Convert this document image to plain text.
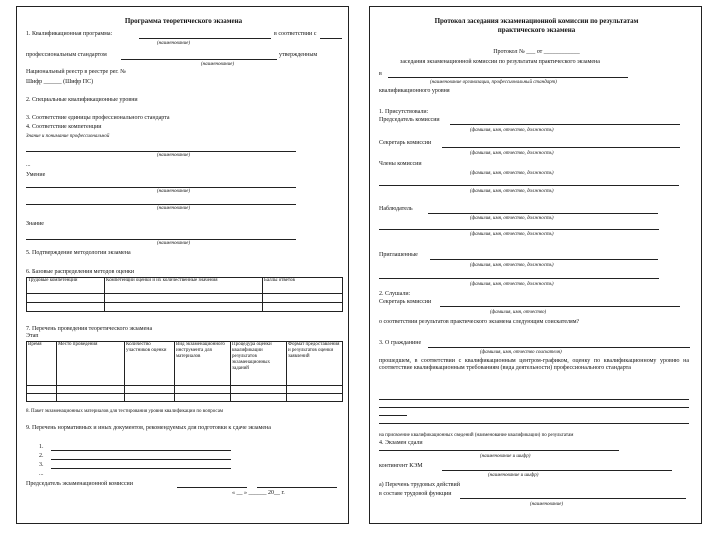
Программа теоретического экзамена
1. Квалификационная программа:	в соответствии с
(наименование)
профессиональным стандартом	утвержденным
(наименование)
Национальный реестр в реестре рег. №
Шифр ______ (Шифр ПС)
2. Специальные квалификационные уровни
3. Соответствие единицы профессионального стандарта
4. Соответствие компетенции
Знание и понимание профессиональной
(наименование)
...
Умение
(наименование)
(наименование)
Знание
(наименование)
5. Подтверждение методологии экзамена
6. Базовые распределения методов оценки
Трудовые компетенции	Компетенции оценки и их количественные значения	Баллы ответов

7. Перечень проведения теоретического экзамена
Этап
Время	Место проведения	Количество участников оценки	Вид экзаменационного инструмента для материалов	Процедура оценки квалификации результатов экзаменационных заданий	Формат предоставления и результатов оценки заявлений

8. Пакет экзаменационных материалов для тестирования уровня квалификации по вопросам
9. Перечень нормативных и иных документов, рекомендуемых для подготовки к сдаче экзамена
1.
2.
3.
...
Председатель экзаменационной комиссии
« __ » ______ 20__ г.
Протокол заседания экзаменационной комиссии по результатам
практического экзамена
Протокол № ___ от ____________
заседания экзаменационной комиссии по результатам практического экзамена
в
(наименование организации, профессиональный стандарт)
квалификационного уровня
1. Присутствовали:
Председатель комиссии
(фамилия, имя, отчество, должность)
Секретарь комиссии
(фамилия, имя, отчество, должность)
Члены комиссии
(фамилия, имя, отчество, должность)
(фамилия, имя, отчество, должность)
Наблюдатель
(фамилия, имя, отчество, должность)
(фамилия, имя, отчество, должность)
Приглашенные
(фамилия, имя, отчество, должность)
(фамилия, имя, отчество, должность)
2. Слушали:
Секретарь комиссии
(фамилия, имя, отчество)
о соответствии результатов практического экзамена следующим соискателям?
3. О гражданине
(фамилия, имя, отчество соискателя)
прошедшем, в соответствии с квалификационным центром-графиком, оценку по квалификационному уровню на соответствие квалификационным требованиям (вида деятельности) профессионального стандарта
на присвоение квалификационных сведений (наименование квалификации) по результатам
4. Экзамен сдали
(наименование и шифр)
контингент КЭМ
(наименование и шифр)
а) Перечень трудовых действий
в составе трудовой функции
(наименование)
